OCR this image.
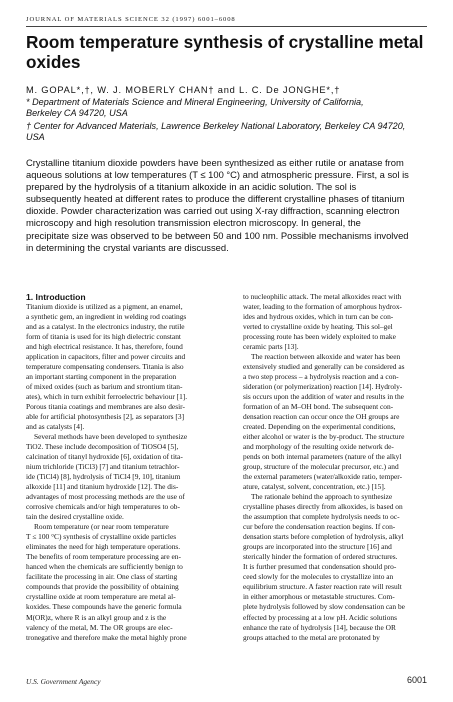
JOURNAL OF MATERIALS SCIENCE 32 (1997) 6001–6008
Room temperature synthesis of crystalline metal
oxides
M. GOPAL*,†, W. J. MOBERLY CHAN† and L. C. De JONGHE*,†
* Department of Materials Science and Mineral Engineering, University of California,
Berkeley CA 94720, USA
† Center for Advanced Materials, Lawrence Berkeley National Laboratory, Berkeley CA 94720,
USA
Crystalline titanium dioxide powders have been synthesized as either rutile or anatase from
aqueous solutions at low temperatures (T ≤ 100 °C) and atmospheric pressure. First, a sol is
prepared by the hydrolysis of a titanium alkoxide in an acidic solution. The sol is
subsequently heated at different rates to produce the different crystalline phases of titanium
dioxide. Powder characterization was carried out using X-ray diffraction, scanning electron
microscopy and high resolution transmission electron microscopy. In general, the
precipitate size was observed to be between 50 and 100 nm. Possible mechanisms involved
in determining the crystal variants are discussed.
1. Introduction
Titanium dioxide is utilized as a pigment, an enamel,
a synthetic gem, an ingredient in welding rod coatings
and as a catalyst. In the electronics industry, the rutile
form of titania is used for its high dielectric constant
and high electrical resistance. It has, therefore, found
application in capacitors, filter and power circuits and
temperature compensating condensers. Titania is also
an important starting component in the preparation
of mixed oxides (such as barium and strontium titan-
ates), which in turn exhibit ferroelectric behaviour [1].
Porous titania coatings and membranes are also desir-
able for artificial photosynthesis [2], as separators [3]
and as catalysts [4].
Several methods have been developed to synthesize
TiO2. These include decomposition of TiOSO4 [5],
calcination of titanyl hydroxide [6], oxidation of tita-
nium trichloride (TiCl3) [7] and titanium tetrachlor-
ide (TiCl4) [8], hydrolysis of TiCl4 [9, 10], titanium
alkoxide [11] and titanium hydroxide [12]. The dis-
advantages of most processing methods are the use of
corrosive chemicals and/or high temperatures to ob-
tain the desired crystalline oxide.
Room temperature (or near room temperature
T ≤ 100 °C) synthesis of crystalline oxide particles
eliminates the need for high temperature operations.
The benefits of room temperature processing are en-
hanced when the chemicals are sufficiently benign to
facilitate the processing in air. One class of starting
compounds that provide the possibility of obtaining
crystalline oxide at room temperature are metal al-
koxides. These compounds have the generic formula
M(OR)z, where R is an alkyl group and z is the
valency of the metal, M. The OR groups are elec-
tronegative and therefore make the metal highly prone
to nucleophilic attack. The metal alkoxides react with
water, leading to the formation of amorphous hydrox-
ides and hydrous oxides, which in turn can be con-
verted to crystalline oxide by heating. This sol–gel
processing route has been widely exploited to make
ceramic parts [13].
The reaction between alkoxide and water has been
extensively studied and generally can be considered as
a two step process – a hydrolysis reaction and a con-
sideration (or polymerization) reaction [14]. Hydroly-
sis occurs upon the addition of water and results in the
formation of an M–OH bond. The subsequent con-
densation reaction can occur once the OH groups are
created. Depending on the experimental conditions,
either alcohol or water is the by-product. The structure
and morphology of the resulting oxide network de-
pends on both internal parameters (nature of the alkyl
group, structure of the molecular precursor, etc.) and
the external parameters (water/alkoxide ratio, temper-
ature, catalyst, solvent, concentration, etc.) [15].
The rationale behind the approach to synthesize
crystalline phases directly from alkoxides, is based on
the assumption that complete hydrolysis needs to oc-
cur before the condensation reaction begins. If con-
densation starts before completion of hydrolysis, alkyl
groups are incorporated into the structure [16] and
sterically hinder the formation of ordered structures.
It is further presumed that condensation should pro-
ceed slowly for the molecules to crystallize into an
equilibrium structure. A faster reaction rate will result
in either amorphous or metastable structures. Com-
plete hydrolysis followed by slow condensation can be
effected by processing at a low pH. Acidic solutions
enhance the rate of hydrolysis [14], because the OR
groups attached to the metal are protonated by
U.S. Government Agency	6001
